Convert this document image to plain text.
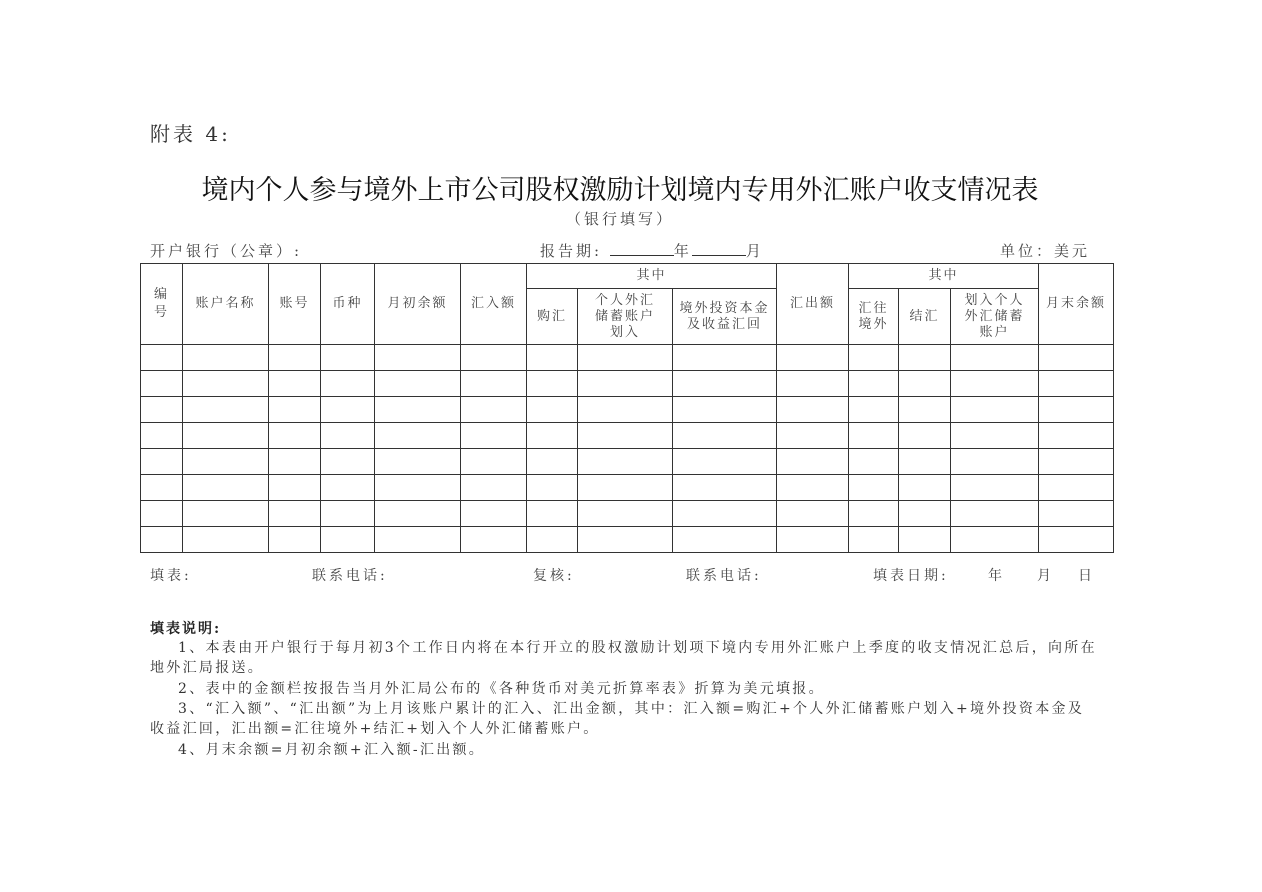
附表 4:
境内个人参与境外上市公司股权激励计划境内专用外汇账户收支情况表
（银行填写）
开户银行（公章）:	报告期:	年	月	单位：美元
编号	账户名称	账号	币种	月初余额	汇入额	其中			汇出额	其中			月末余额
						购汇	个人外汇储蓄账户划入	境外投资本金及收益汇回		汇往境外	结汇	划入个人外汇储蓄账户	

填表:	联系电话:	复核:	联系电话:	填表日期:	年 月 日
填表说明:
1、本表由开户银行于每月初3个工作日内将在本行开立的股权激励计划项下境内专用外汇账户上季度的收支情况汇总后，向所在地外汇局报送。
2、表中的金额栏按报告当月外汇局公布的《各种货币对美元折算率表》折算为美元填报。
3、“汇入额”、“汇出额”为上月该账户累计的汇入、汇出金额，其中：汇入额=购汇+个人外汇储蓄账户划入+境外投资本金及收益汇回，汇出额=汇往境外+结汇+划入个人外汇储蓄账户。
4、月末余额=月初余额+汇入额-汇出额。
